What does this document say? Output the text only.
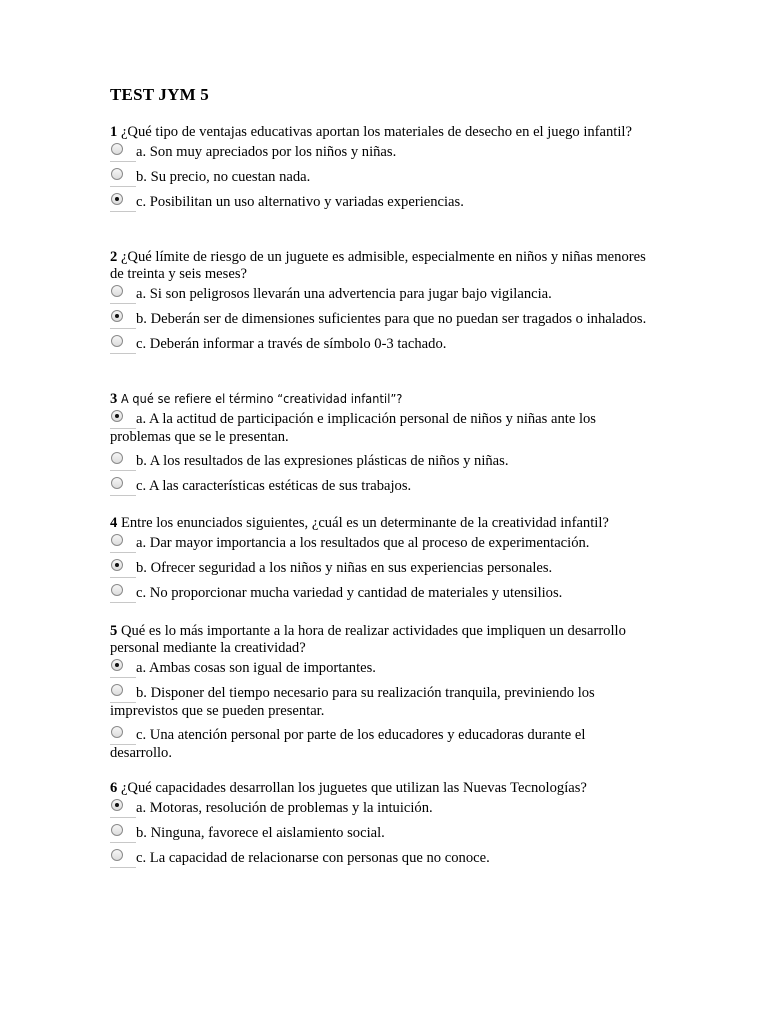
TEST JYM 5
1 ¿Qué tipo de ventajas educativas aportan los materiales de desecho en el juego infantil?
a. Son muy apreciados por los niños y niñas.
b. Su precio, no cuestan nada.
c. Posibilitan un uso alternativo y variadas experiencias.
2 ¿Qué límite de riesgo de un juguete es admisible, especialmente en niños y niñas menores de treinta y seis meses?
a. Si son peligrosos llevarán una advertencia para jugar bajo vigilancia.
b. Deberán ser de dimensiones suficientes para que no puedan ser tragados o inhalados.
c. Deberán informar a través de símbolo 0-3 tachado.
3 A qué se refiere el término “creatividad infantil”?
a. A la actitud de participación e implicación personal de niños y niñas ante los problemas que se le presentan.
b. A los resultados de las expresiones plásticas de niños y niñas.
c. A las características estéticas de sus trabajos.
4 Entre los enunciados siguientes, ¿cuál es un determinante de la creatividad infantil?
a. Dar mayor importancia a los resultados que al proceso de experimentación.
b. Ofrecer seguridad a los niños y niñas en sus experiencias personales.
c. No proporcionar mucha variedad y cantidad de materiales y utensilios.
5 Qué es lo más importante a la hora de realizar actividades que impliquen un desarrollo personal mediante la creatividad?
a. Ambas cosas son igual de importantes.
b. Disponer del tiempo necesario para su realización tranquila, previniendo los imprevistos que se pueden presentar.
c. Una atención personal por parte de los educadores y educadoras durante el desarrollo.
6 ¿Qué capacidades desarrollan los juguetes que utilizan las Nuevas Tecnologías?
a. Motoras, resolución de problemas y la intuición.
b. Ninguna, favorece el aislamiento social.
c. La capacidad de relacionarse con personas que no conoce.
